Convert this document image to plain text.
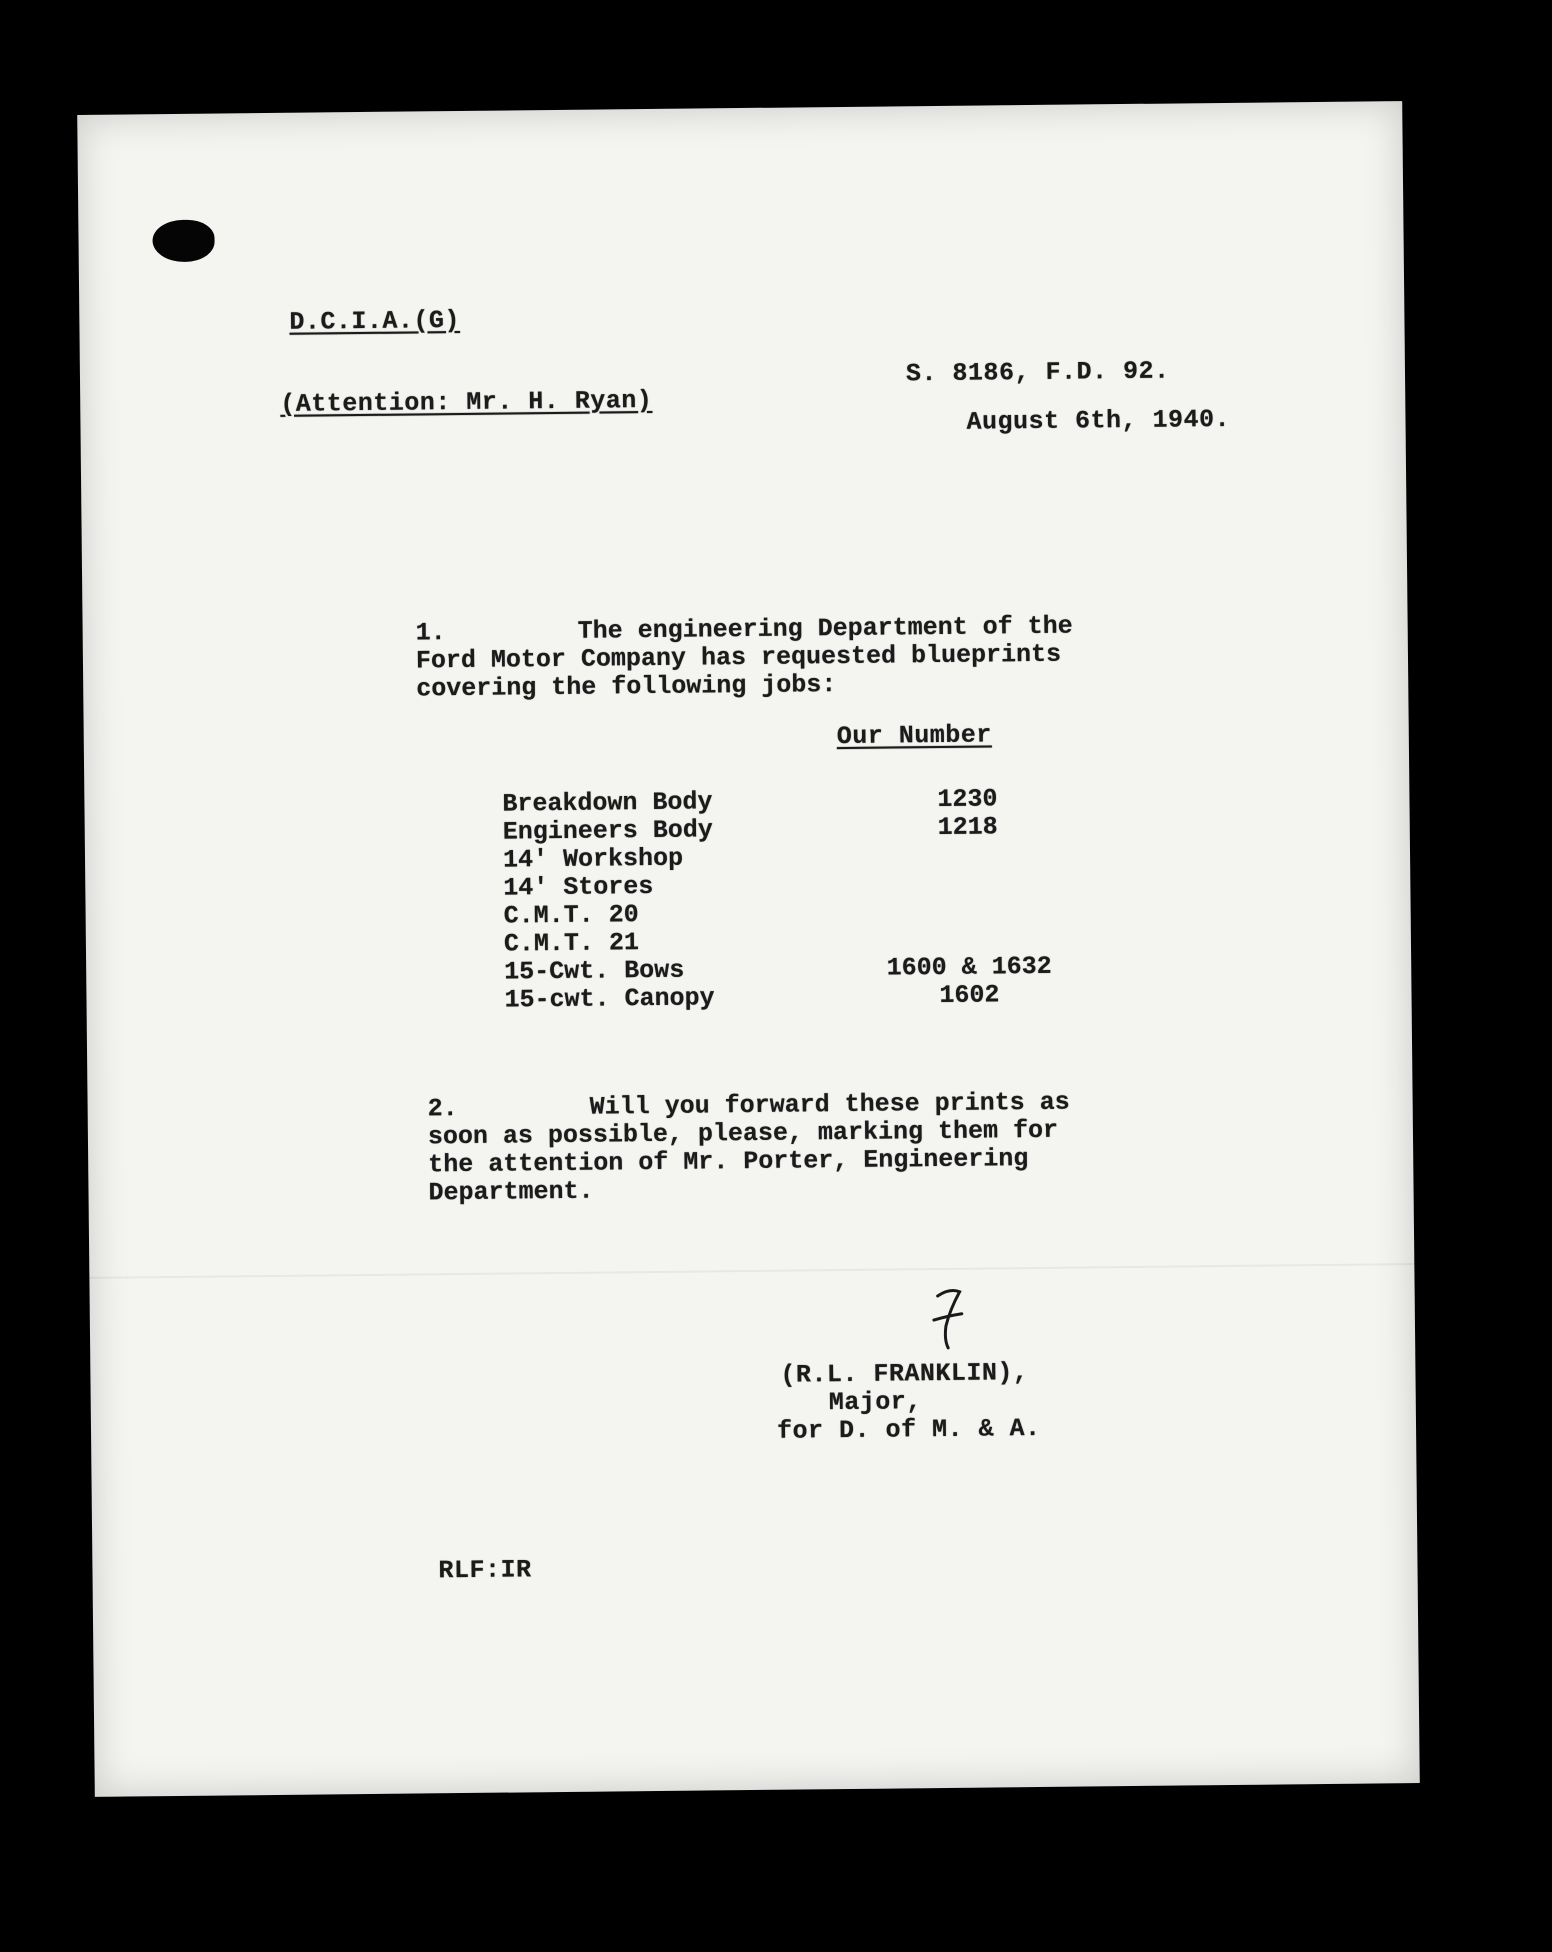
D.C.I.A.(G)
(Attention: Mr. H. Ryan)
S. 8186, F.D. 92.
August 6th, 1940.
1.	The engineering Department of the
Ford Motor Company has requested blueprints
covering the following jobs:
Our Number
Breakdown Body	1230
Engineers Body	1218
14' Workshop
14' Stores
C.M.T. 20
C.M.T. 21
15-Cwt. Bows	1600 & 1632
15-cwt. Canopy	1602
2.	Will you forward these prints as
soon as possible, please, marking them for
the attention of Mr. Porter, Engineering
Department.
(R.L. FRANKLIN),
Major,
for D. of M. & A.
RLF:IR
